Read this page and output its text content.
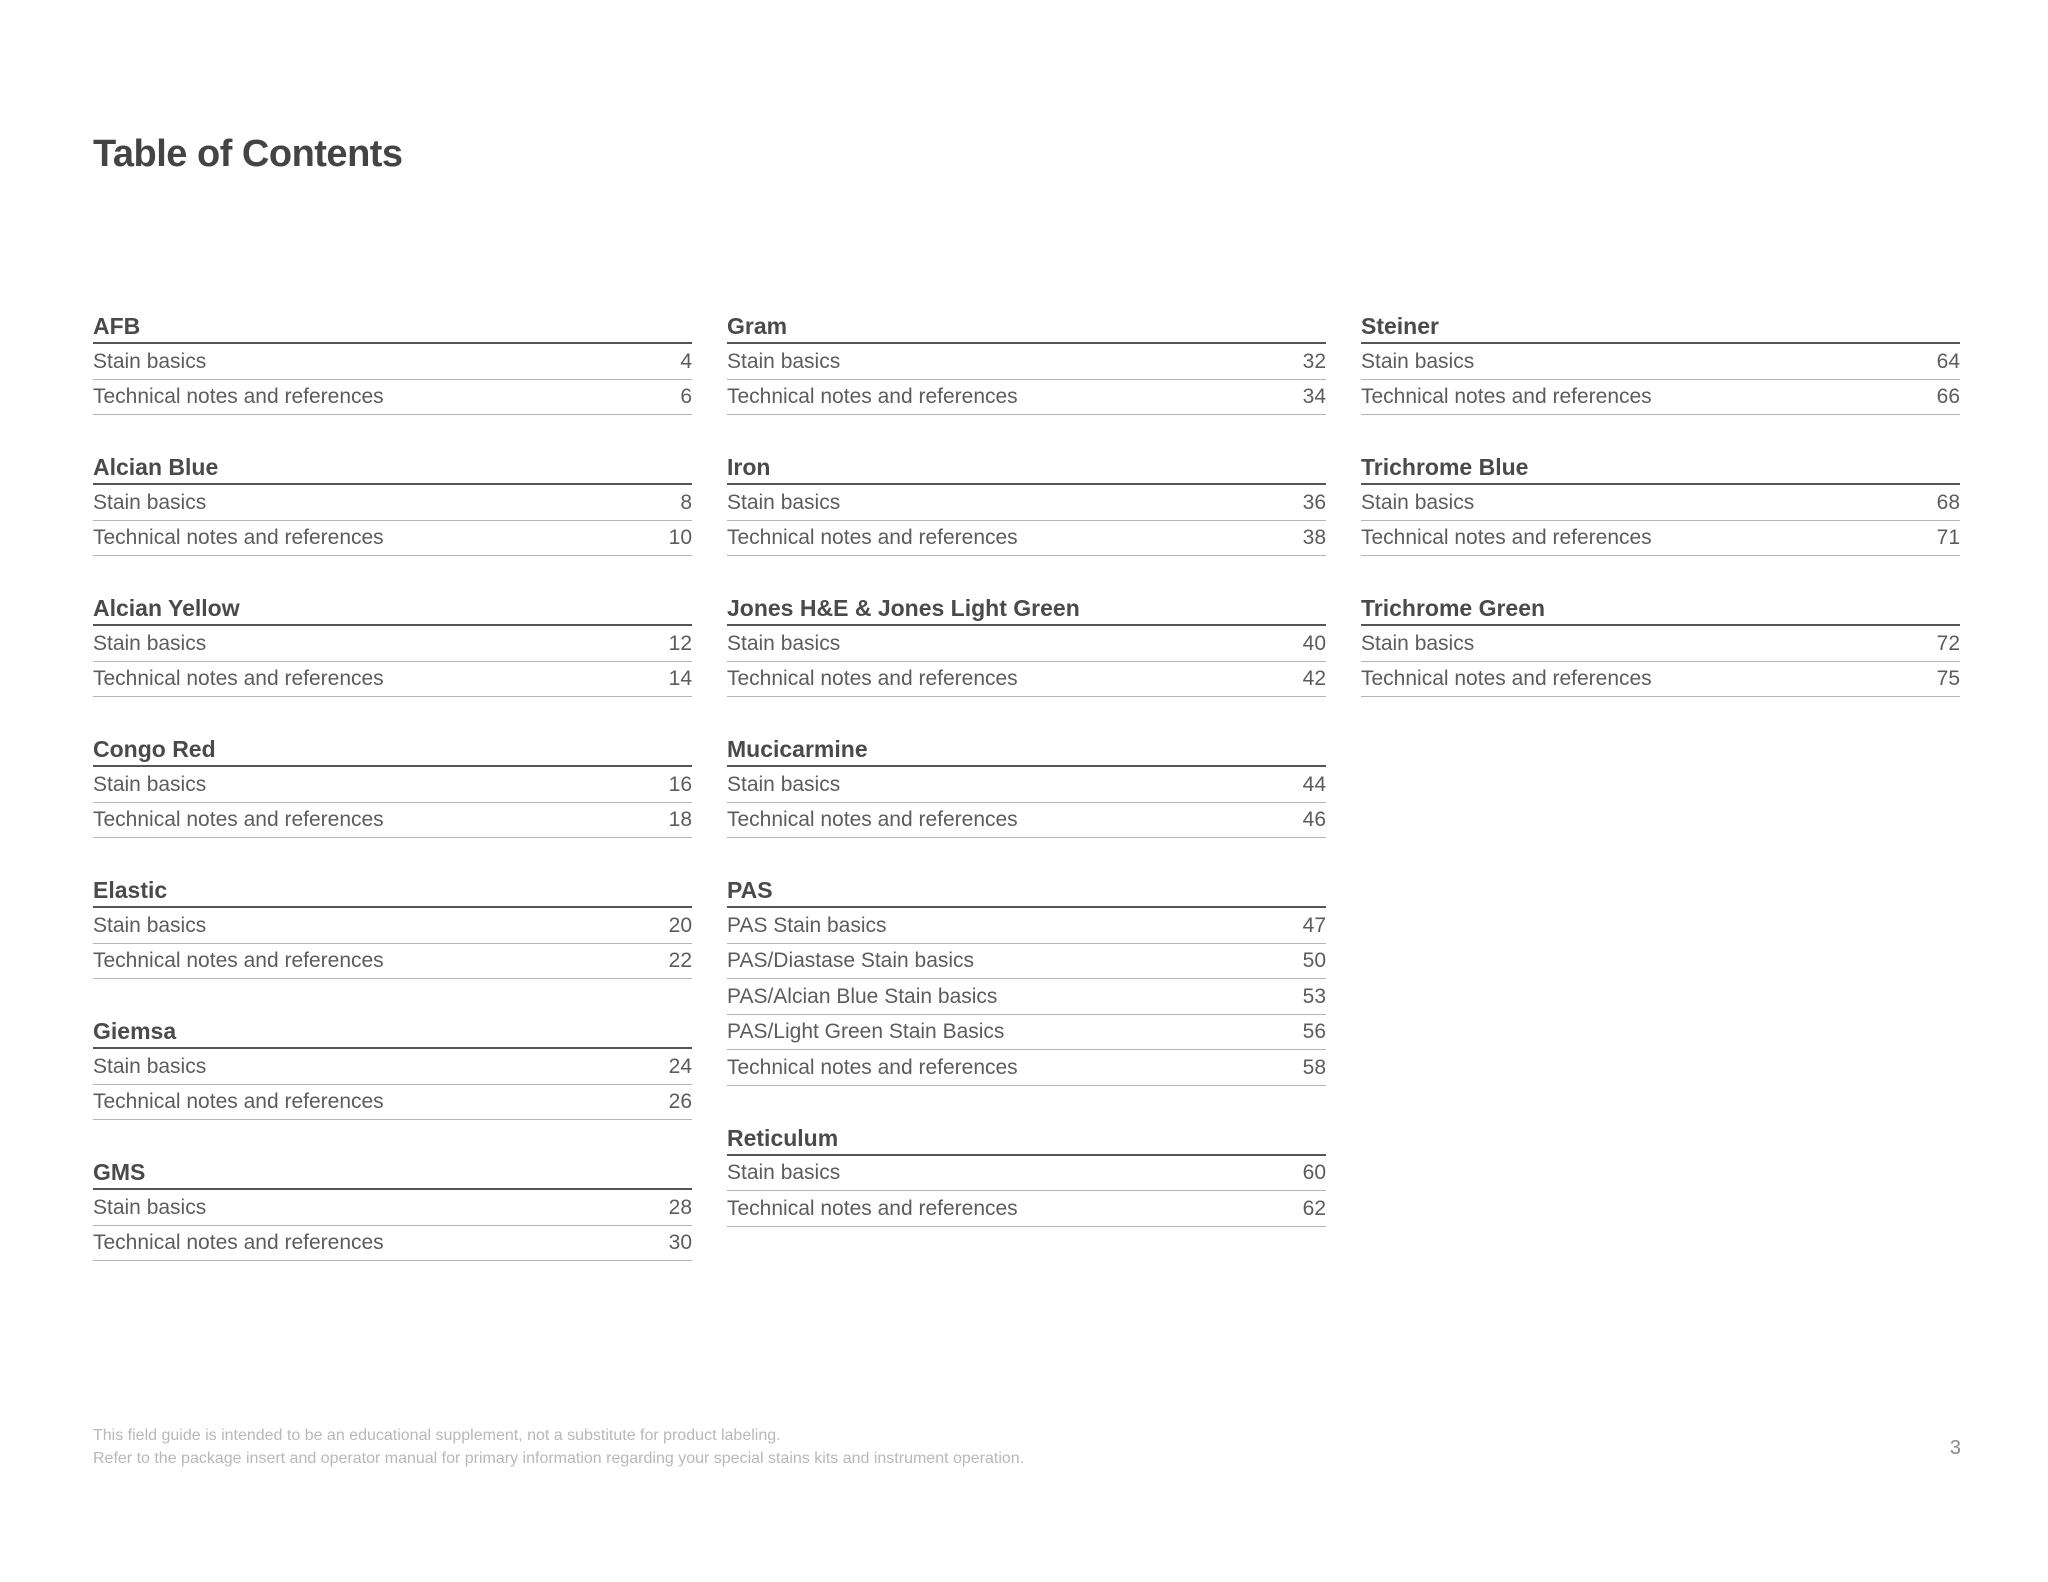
Table of Contents
AFB
Stain basics	4
Technical notes and references	6
Alcian Blue
Stain basics	8
Technical notes and references	10
Alcian Yellow
Stain basics	12
Technical notes and references	14
Congo Red
Stain basics	16
Technical notes and references	18
Elastic
Stain basics	20
Technical notes and references	22
Giemsa
Stain basics	24
Technical notes and references	26
GMS
Stain basics	28
Technical notes and references	30
Gram
Stain basics	32
Technical notes and references	34
Iron
Stain basics	36
Technical notes and references	38
Jones H&E & Jones Light Green
Stain basics	40
Technical notes and references	42
Mucicarmine
Stain basics	44
Technical notes and references	46
PAS
PAS Stain basics	47
PAS/Diastase Stain basics	50
PAS/Alcian Blue Stain basics	53
PAS/Light Green Stain Basics	56
Technical notes and references	58
Reticulum
Stain basics	60
Technical notes and references	62
Steiner
Stain basics	64
Technical notes and references	66
Trichrome Blue
Stain basics	68
Technical notes and references	71
Trichrome Green
Stain basics	72
Technical notes and references	75
This field guide is intended to be an educational supplement, not a substitute for product labeling.
Refer to the package insert and operator manual for primary information regarding your special stains kits and instrument operation.	3
